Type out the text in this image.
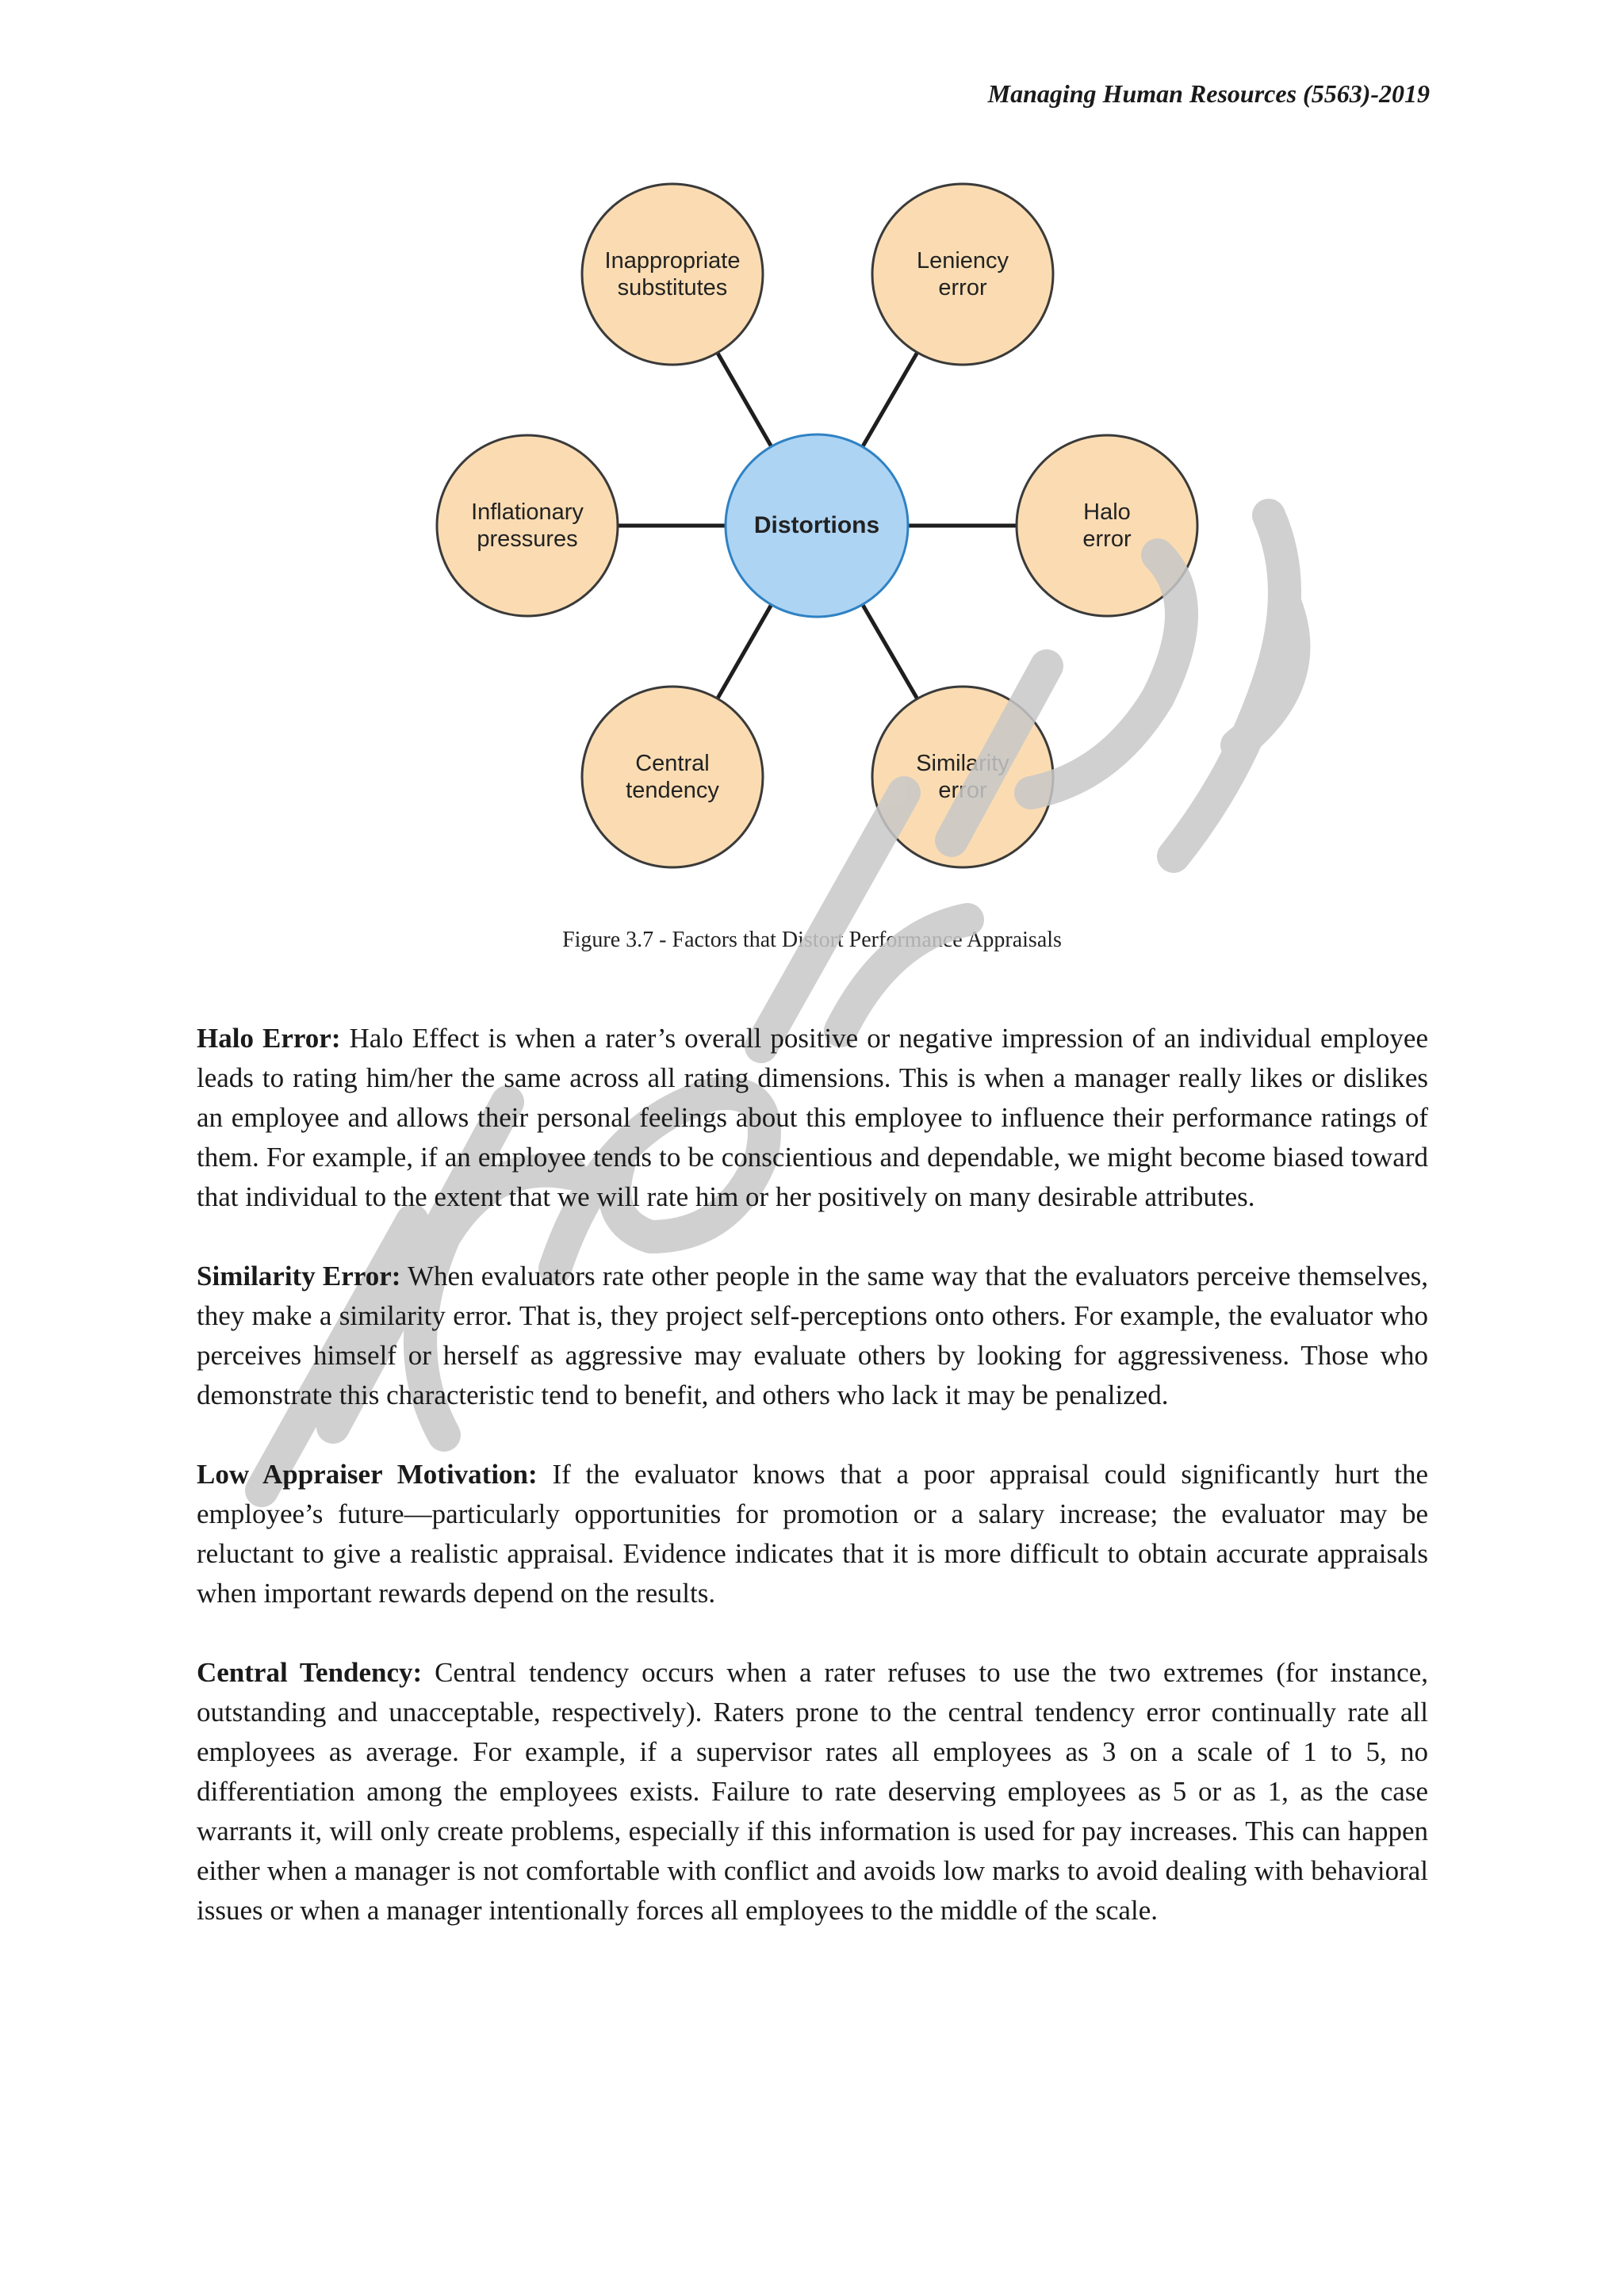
Managing Human Resources (5563)-2019
Inappropriate
substitutes
Leniency
error
Inflationary
pressures
Halo
error
Central
tendency
Similarity
error
Distortions
Figure 3.7 - Factors that Distort Performance Appraisals

Halo Error: Halo Effect is when a rater’s overall positive or negative impression of an individual employee leads to rating him/her the same across all rating dimensions. This is when a manager really likes or dislikes an employee and allows their personal feelings about this employee to influence their performance ratings of them. For example, if an employee tends to be conscientious and dependable, we might become biased toward that individual to the extent that we will rate him or her positively on many desirable attributes.

Similarity Error: When evaluators rate other people in the same way that the evaluators perceive themselves, they make a similarity error. That is, they project self-perceptions onto others. For example, the evaluator who perceives himself or herself as aggressive may evaluate others by looking for aggressiveness. Those who demonstrate this characteristic tend to benefit, and others who lack it may be penalized.

Low Appraiser Motivation: If the evaluator knows that a poor appraisal could significantly hurt the employee’s future—particularly opportunities for promotion or a salary increase; the evaluator may be reluctant to give a realistic appraisal. Evidence indicates that it is more difficult to obtain accurate appraisals when important rewards depend on the results.

Central Tendency: Central tendency occurs when a rater refuses to use the two extremes (for instance, outstanding and unacceptable, respectively). Raters prone to the central tendency error continually rate all employees as average. For example, if a supervisor rates all employees as 3 on a scale of 1 to 5, no differentiation among the employees exists. Failure to rate deserving employees as 5 or as 1, as the case warrants it, will only create problems, especially if this information is used for pay increases. This can happen either when a manager is not comfortable with conflict and avoids low marks to avoid dealing with behavioral issues or when a manager intentionally forces all employees to the middle of the scale.
